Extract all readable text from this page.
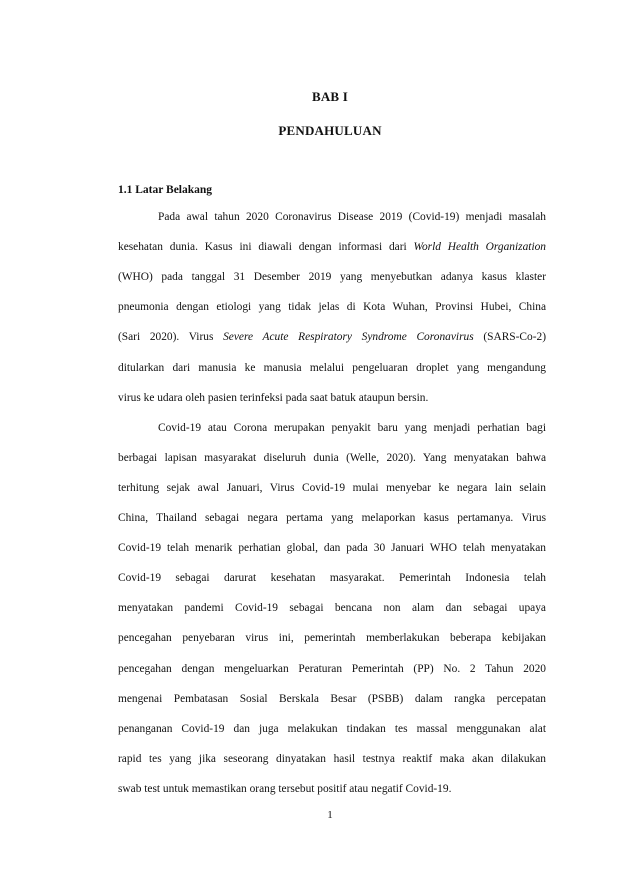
BAB I
PENDAHULUAN
1.1 Latar Belakang
Pada awal tahun 2020 Coronavirus Disease 2019 (Covid-19) menjadi masalah
kesehatan dunia. Kasus ini diawali dengan informasi dari World Health Organization
(WHO) pada tanggal 31 Desember 2019 yang menyebutkan adanya kasus klaster
pneumonia dengan etiologi yang tidak jelas di Kota Wuhan, Provinsi Hubei, China
(Sari 2020). Virus Severe Acute Respiratory Syndrome Coronavirus (SARS-Co-2)
ditularkan dari manusia ke manusia melalui pengeluaran droplet yang mengandung
virus ke udara oleh pasien terinfeksi pada saat batuk ataupun bersin.
Covid-19 atau Corona merupakan penyakit baru yang menjadi perhatian bagi
berbagai lapisan masyarakat diseluruh dunia (Welle, 2020). Yang menyatakan bahwa
terhitung sejak awal Januari, Virus Covid-19 mulai menyebar ke negara lain selain
China, Thailand sebagai negara pertama yang melaporkan kasus pertamanya. Virus
Covid-19 telah menarik perhatian global, dan pada 30 Januari WHO telah menyatakan
Covid-19 sebagai darurat kesehatan masyarakat. Pemerintah Indonesia telah
menyatakan pandemi Covid-19 sebagai bencana non alam dan sebagai upaya
pencegahan penyebaran virus ini, pemerintah memberlakukan beberapa kebijakan
pencegahan dengan mengeluarkan Peraturan Pemerintah (PP) No. 2 Tahun 2020
mengenai Pembatasan Sosial Berskala Besar (PSBB) dalam rangka percepatan
penanganan Covid-19 dan juga melakukan tindakan tes massal menggunakan alat
rapid tes yang jika seseorang dinyatakan hasil testnya reaktif maka akan dilakukan
swab test untuk memastikan orang tersebut positif atau negatif Covid-19.
1
